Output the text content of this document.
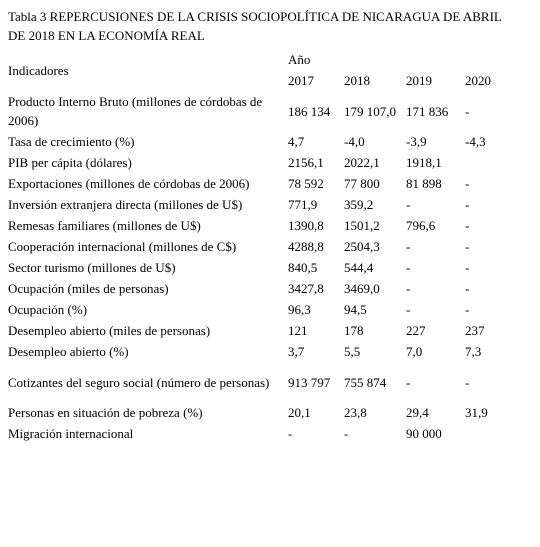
Tabla 3 REPERCUSIONES DE LA CRISIS SOCIOPOLÍTICA DE NICARAGUA DE ABRIL DE 2018 EN LA ECONOMÍA REAL
Indicadores	Año			
	2017	2018	2019	2020
Producto Interno Bruto (millones de córdobas de 2006)	186 134	179 107,0	171 836	-
Tasa de crecimiento (%)	4,7	-4,0	-3,9	-4,3
PIB per cápita (dólares)	2156,1	2022,1	1918,1	
Exportaciones (millones de córdobas de 2006)	78 592	77 800	81 898	-
Inversión extranjera directa (millones de U$)	771,9	359,2	-	-
Remesas familiares (millones de U$)	1390,8	1501,2	796,6	-
Cooperación internacional (millones de C$)	4288,8	2504,3	-	-
Sector turismo (millones de U$)	840,5	544,4	-	-
Ocupación (miles de personas)	3427,8	3469,0	-	-
Ocupación (%)	96,3	94,5	-	-
Desempleo abierto (miles de personas)	121	178	227	237
Desempleo abierto (%)	3,7	5,5	7,0	7,3
Cotizantes del seguro social (número de personas)	913 797	755 874	-	-
Personas en situación de pobreza (%)	20,1	23,8	29,4	31,9
Migración internacional	-	-	90 000	
